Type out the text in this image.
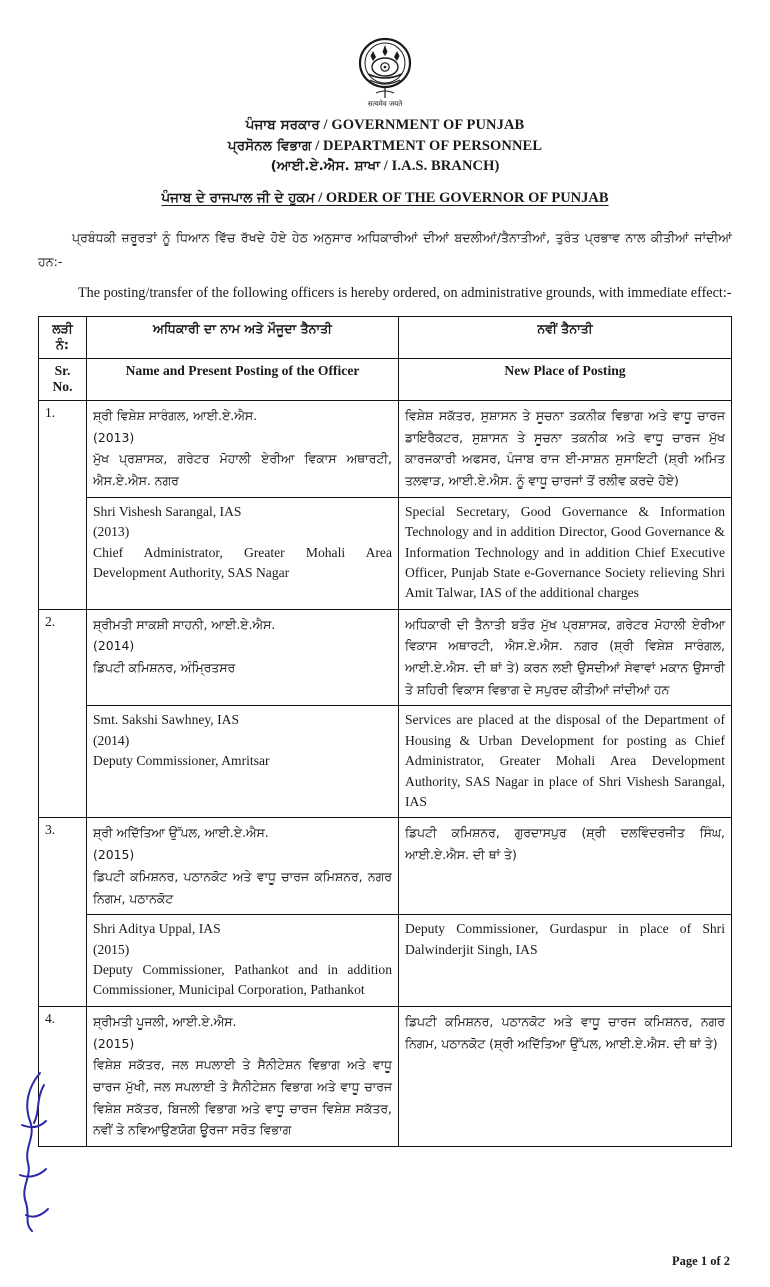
सत्यमेव जयते
ਪੰਜਾਬ ਸਰਕਾਰ / GOVERNMENT OF PUNJAB
ਪ੍ਰਸੋਨਲ ਵਿਭਾਗ / DEPARTMENT OF PERSONNEL
(ਆਈ.ਏ.ਐਸ. ਸ਼ਾਖਾ / I.A.S. BRANCH)
ਪੰਜਾਬ ਦੇ ਰਾਜਪਾਲ ਜੀ ਦੇ ਹੁਕਮ / ORDER OF THE GOVERNOR OF PUNJAB
ਪ੍ਰਬੰਧਕੀ ਜ਼ਰੂਰਤਾਂ ਨੂੰ ਧਿਆਨ ਵਿੱਚ ਰੱਖਦੇ ਹੋਏ ਹੇਠ ਅਨੁਸਾਰ ਅਧਿਕਾਰੀਆਂ ਦੀਆਂ ਬਦਲੀਆਂ/ਤੈਨਾਤੀਆਂ, ਤੁਰੰਤ ਪ੍ਰਭਾਵ ਨਾਲ ਕੀਤੀਆਂ ਜਾਂਦੀਆਂ ਹਨ:-
The posting/transfer of the following officers is hereby ordered, on administrative grounds, with immediate effect:-
ਲੜੀ ਨੰ:	ਅਧਿਕਾਰੀ ਦਾ ਨਾਮ ਅਤੇ ਮੌਜੂਦਾ ਤੈਨਾਤੀ	ਨਵੀਂ ਤੈਨਾਤੀ
Sr. No.	Name and Present Posting of the Officer	New Place of Posting
1.	ਸ਼੍ਰੀ ਵਿਸ਼ੇਸ਼ ਸਾਰੰਗਲ, ਆਈ.ਏ.ਐਸ.
(2013)
ਮੁੱਖ ਪ੍ਰਸ਼ਾਸਕ, ਗਰੇਟਰ ਮੋਹਾਲੀ ਏਰੀਆ ਵਿਕਾਸ ਅਥਾਰਟੀ, ਐਸ.ਏ.ਐਸ. ਨਗਰ	ਵਿਸ਼ੇਸ਼ ਸਕੱਤਰ, ਸੁਸ਼ਾਸਨ ਤੇ ਸੂਚਨਾ ਤਕਨੀਕ ਵਿਭਾਗ ਅਤੇ ਵਾਧੂ ਚਾਰਜ ਡਾਇਰੈਕਟਰ, ਸੁਸ਼ਾਸਨ ਤੇ ਸੂਚਨਾ ਤਕਨੀਕ ਅਤੇ ਵਾਧੂ ਚਾਰਜ ਮੁੱਖ ਕਾਰਜਕਾਰੀ ਅਫਸਰ, ਪੰਜਾਬ ਰਾਜ ਈ-ਸਾਸ਼ਨ ਸੁਸਾਇਟੀ (ਸ਼੍ਰੀ ਅਮਿਤ ਤਲਵਾੜ, ਆਈ.ਏ.ਐਸ. ਨੂੰ ਵਾਧੂ ਚਾਰਜਾਂ ਤੋਂ ਰਲੀਵ ਕਰਦੇ ਹੋਏ)
Shri Vishesh Sarangal, IAS
(2013)
Chief Administrator, Greater Mohali Area Development Authority, SAS Nagar	Special Secretary, Good Governance & Information Technology and in addition Director, Good Governance & Information Technology and in addition Chief Executive Officer, Punjab State e-Governance Society relieving Shri Amit Talwar, IAS of the additional charges
2.	ਸ਼੍ਰੀਮਤੀ ਸਾਕਸ਼ੀ ਸਾਹਨੀ, ਆਈ.ਏ.ਐਸ.
(2014)
ਡਿਪਟੀ ਕਮਿਸ਼ਨਰ, ਅੰਮ੍ਰਿਤਸਰ	ਅਧਿਕਾਰੀ ਦੀ ਤੈਨਾਤੀ ਬਤੌਰ ਮੁੱਖ ਪ੍ਰਸ਼ਾਸਕ, ਗਰੇਟਰ ਮੋਹਾਲੀ ਏਰੀਆ ਵਿਕਾਸ ਅਥਾਰਟੀ, ਐਸ.ਏ.ਐਸ. ਨਗਰ (ਸ਼੍ਰੀ ਵਿਸ਼ੇਸ਼ ਸਾਰੰਗਲ, ਆਈ.ਏ.ਐਸ. ਦੀ ਥਾਂ ਤੇ) ਕਰਨ ਲਈ ਉਸਦੀਆਂ ਸੇਵਾਵਾਂ ਮਕਾਨ ਉਸਾਰੀ ਤੇ ਸ਼ਹਿਰੀ ਵਿਕਾਸ ਵਿਭਾਗ ਦੇ ਸਪੁਰਦ ਕੀਤੀਆਂ ਜਾਂਦੀਆਂ ਹਨ
Smt. Sakshi Sawhney, IAS
(2014)
Deputy Commissioner, Amritsar	Services are placed at the disposal of the Department of Housing & Urban Development for posting as Chief Administrator, Greater Mohali Area Development Authority, SAS Nagar in place of Shri Vishesh Sarangal, IAS
3.	ਸ਼੍ਰੀ ਅਦਿੱਤਿਆ ਉੱਪਲ, ਆਈ.ਏ.ਐਸ.
(2015)
ਡਿਪਟੀ ਕਮਿਸ਼ਨਰ, ਪਠਾਨਕੋਟ ਅਤੇ ਵਾਧੂ ਚਾਰਜ ਕਮਿਸ਼ਨਰ, ਨਗਰ ਨਿਗਮ, ਪਠਾਨਕੋਟ	ਡਿਪਟੀ ਕਮਿਸ਼ਨਰ, ਗੁਰਦਾਸਪੁਰ (ਸ਼੍ਰੀ ਦਲਵਿੰਦਰਜੀਤ ਸਿੰਘ, ਆਈ.ਏ.ਐਸ. ਦੀ ਥਾਂ ਤੇ)
	Shri Aditya Uppal, IAS
(2015)
Deputy Commissioner, Pathankot and in addition Commissioner, Municipal Corporation, Pathankot	Deputy Commissioner, Gurdaspur in place of Shri Dalwinderjit Singh, IAS
4.	ਸ਼੍ਰੀਮਤੀ ਪੂਜਲੀ, ਆਈ.ਏ.ਐਸ.
(2015)
ਵਿਸ਼ੇਸ਼ ਸਕੱਤਰ, ਜਲ ਸਪਲਾਈ ਤੇ ਸੈਨੀਟੇਸ਼ਨ ਵਿਭਾਗ ਅਤੇ ਵਾਧੂ ਚਾਰਜ ਮੁੱਖੀ, ਜਲ ਸਪਲਾਈ ਤੇ ਸੈਨੀਟੇਸ਼ਨ ਵਿਭਾਗ ਅਤੇ ਵਾਧੂ ਚਾਰਜ ਵਿਸ਼ੇਸ਼ ਸਕੱਤਰ, ਬਿਜਲੀ ਵਿਭਾਗ ਅਤੇ ਵਾਧੂ ਚਾਰਜ ਵਿਸ਼ੇਸ਼ ਸਕੱਤਰ, ਨਵੀਂ ਤੇ ਨਵਿਆਉਣਯੋਗ ਊਰਜਾ ਸਰੋਤ ਵਿਭਾਗ	ਡਿਪਟੀ ਕਮਿਸ਼ਨਰ, ਪਠਾਨਕੋਟ ਅਤੇ ਵਾਧੂ ਚਾਰਜ ਕਮਿਸ਼ਨਰ, ਨਗਰ ਨਿਗਮ, ਪਠਾਨਕੋਟ (ਸ਼੍ਰੀ ਅਦਿੱਤਿਆ ਉੱਪਲ, ਆਈ.ਏ.ਐਸ. ਦੀ ਥਾਂ ਤੇ)
Page 1 of 2
